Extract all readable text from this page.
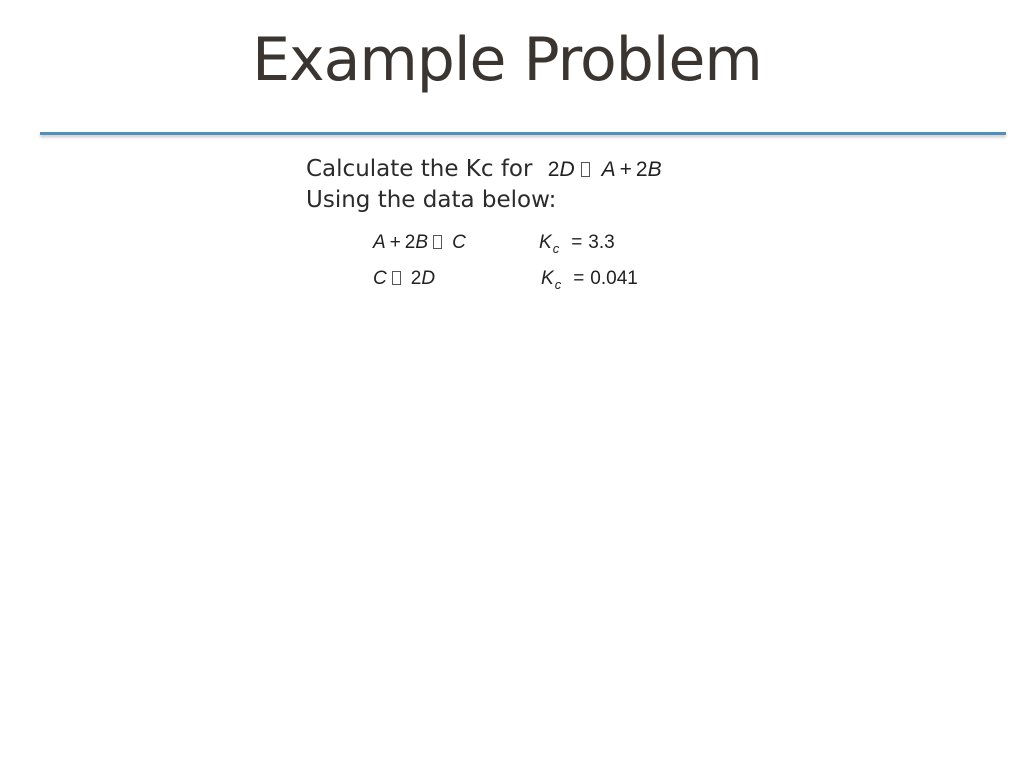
Example Problem
Calculate the Kc for 2D A + 2B
Using the data below:
A + 2B C	$K_c = 3.3$
C 2D	$K_c = 0.041$
